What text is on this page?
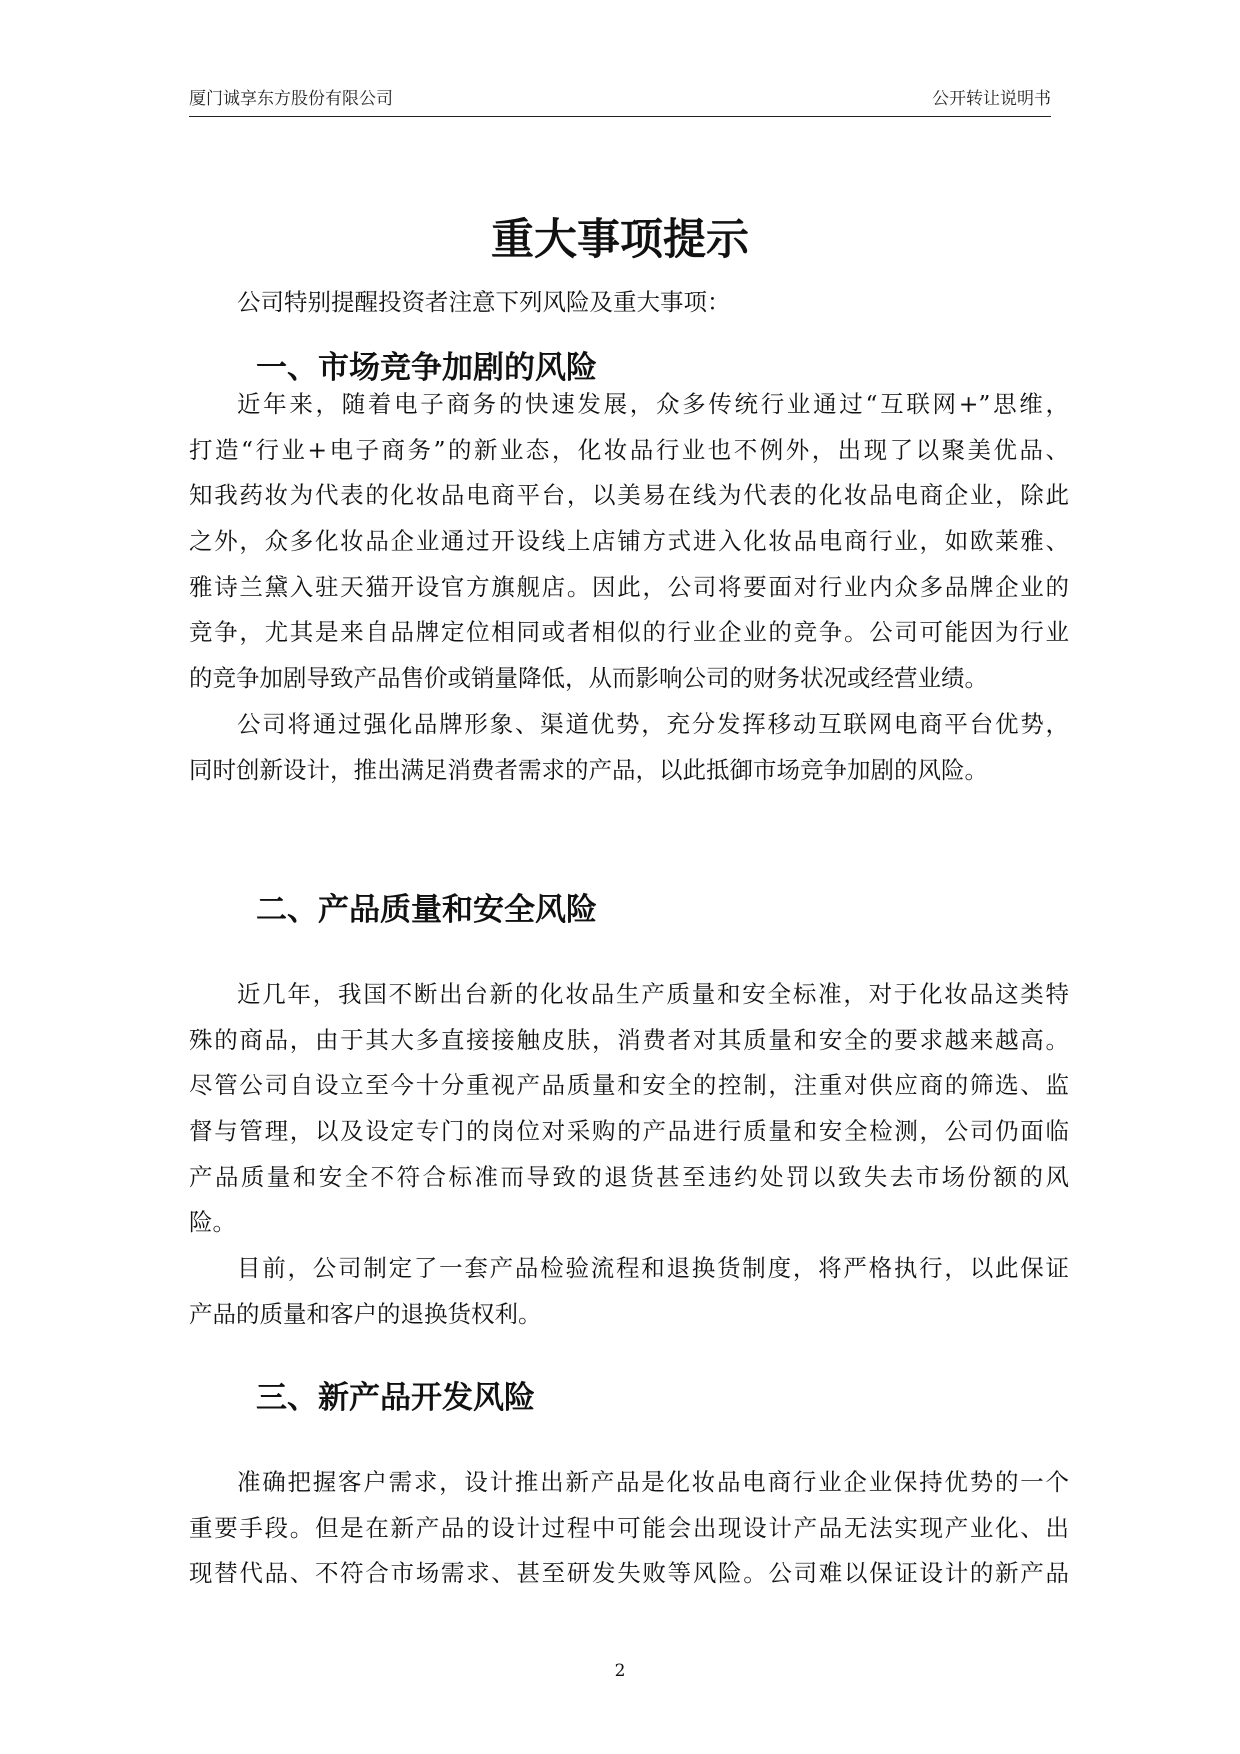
厦门诚享东方股份有限公司	公开转让说明书
重大事项提示

公司特别提醒投资者注意下列风险及重大事项：

一、市场竞争加剧的风险
近年来，随着电子商务的快速发展，众多传统行业通过“互联网+”思维，
打造“行业+电子商务”的新业态，化妆品行业也不例外，出现了以聚美优品、
知我药妆为代表的化妆品电商平台，以美易在线为代表的化妆品电商企业，除此
之外，众多化妆品企业通过开设线上店铺方式进入化妆品电商行业，如欧莱雅、
雅诗兰黛入驻天猫开设官方旗舰店。因此，公司将要面对行业内众多品牌企业的
竞争，尤其是来自品牌定位相同或者相似的行业企业的竞争。公司可能因为行业
的竞争加剧导致产品售价或销量降低，从而影响公司的财务状况或经营业绩。
公司将通过强化品牌形象、渠道优势，充分发挥移动互联网电商平台优势，
同时创新设计，推出满足消费者需求的产品，以此抵御市场竞争加剧的风险。
二、产品质量和安全风险
近几年，我国不断出台新的化妆品生产质量和安全标准，对于化妆品这类特
殊的商品，由于其大多直接接触皮肤，消费者对其质量和安全的要求越来越高。
尽管公司自设立至今十分重视产品质量和安全的控制，注重对供应商的筛选、监
督与管理，以及设定专门的岗位对采购的产品进行质量和安全检测，公司仍面临
产品质量和安全不符合标准而导致的退货甚至违约处罚以致失去市场份额的风
险。
目前，公司制定了一套产品检验流程和退换货制度，将严格执行，以此保证
产品的质量和客户的退换货权利。
三、新产品开发风险
准确把握客户需求，设计推出新产品是化妆品电商行业企业保持优势的一个
重要手段。但是在新产品的设计过程中可能会出现设计产品无法实现产业化、出
现替代品、不符合市场需求、甚至研发失败等风险。公司难以保证设计的新产品

2
